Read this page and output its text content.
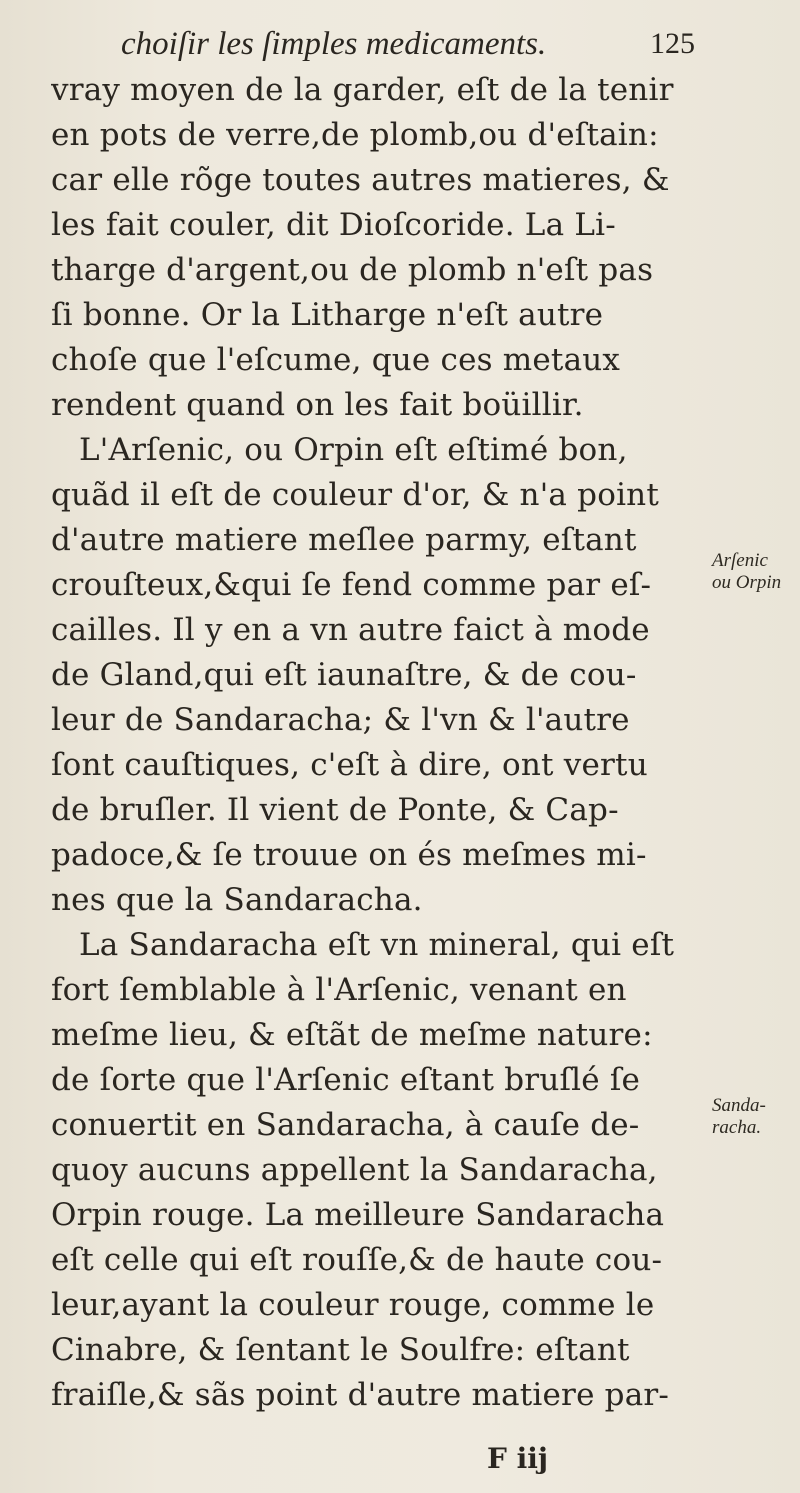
choiſir les ſimples medicaments.	125
vray moyen de la garder, eſt de la tenir
en pots de verre,de plomb,ou d'eſtain:
car elle rõge toutes autres matieres, &
les fait couler, dit Dioſcoride. La Li-
tharge d'argent,ou de plomb n'eſt pas
ſi bonne. Or la Litharge n'eſt autre
choſe que l'eſcume, que ces metaux
rendent quand on les fait boüillir.
L'Arſenic, ou Orpin eſt eſtimé bon,
quãd il eſt de couleur d'or, & n'a point
d'autre matiere meſlee parmy, eſtant
crouſteux,&qui ſe fend comme par eſ-
cailles. Il y en a vn autre faict à mode
de Gland,qui eſt iaunaſtre, & de cou-
leur de Sandaracha; & l'vn & l'autre
ſont cauſtiques, c'eſt à dire, ont vertu
de bruſler. Il vient de Ponte, & Cap-
padoce,& ſe trouue on és meſmes mi-
nes que la Sandaracha.
La Sandaracha eſt vn mineral, qui eſt
fort ſemblable à l'Arſenic, venant en
meſme lieu, & eſtãt de meſme nature:
de ſorte que l'Arſenic eſtant bruſlé ſe
conuertit en Sandaracha, à cauſe de-
quoy aucuns appellent la Sandaracha,
Orpin rouge. La meilleure Sandaracha
eſt celle qui eſt rouſſe,& de haute cou-
leur,ayant la couleur rouge, comme le
Cinabre, & ſentant le Soulfre: eſtant
fraiſle,& sãs point d'autre matiere par-
Arſenic
ou Orpin
Sanda-
racha.
F iij
